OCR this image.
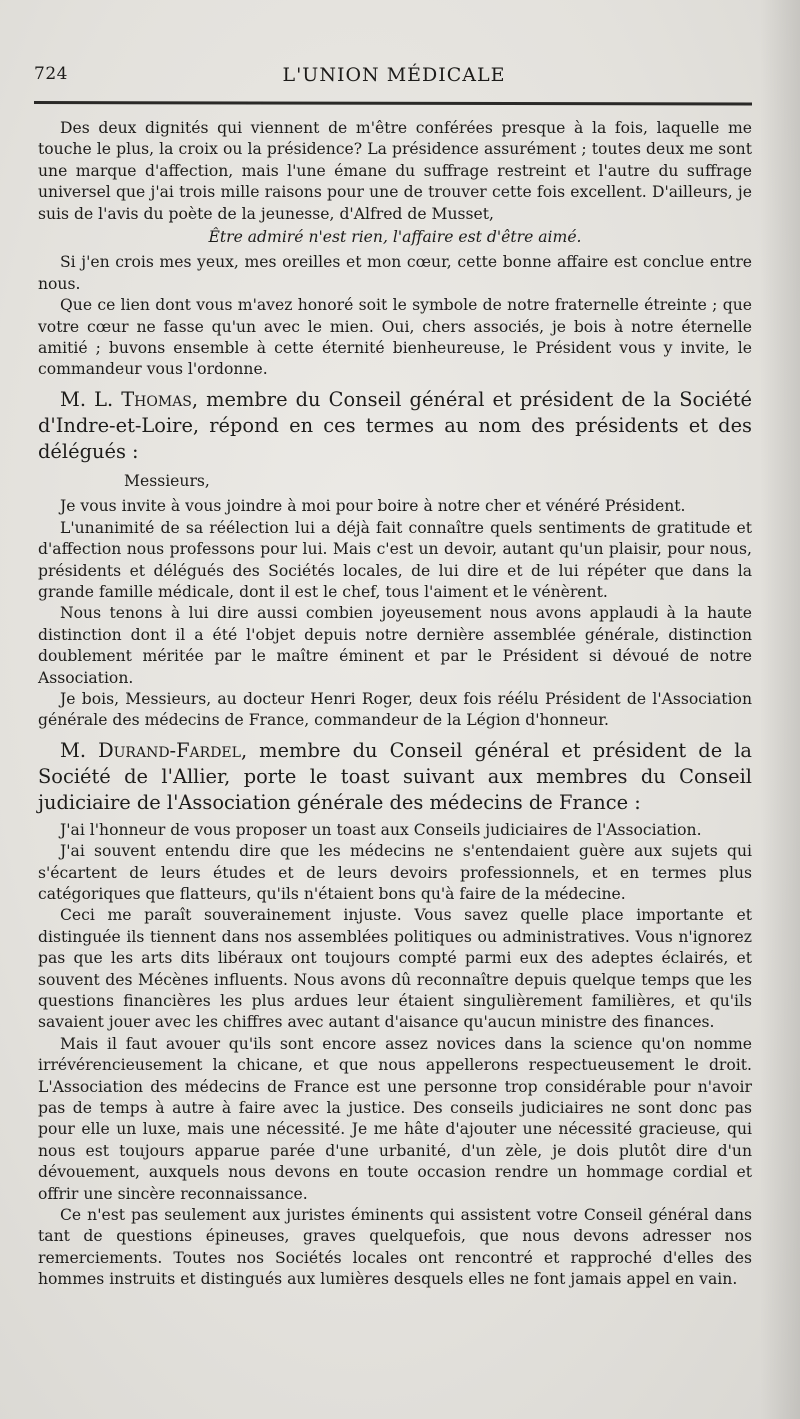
724	L'UNION MÉDICALE

Des deux dignités qui viennent de m'être conférées presque à la fois, laquelle me touche le plus, la croix ou la présidence? La présidence assurément ; toutes deux me sont une marque d'affection, mais l'une émane du suffrage restreint et l'autre du suffrage universel que j'ai trois mille raisons pour une de trouver cette fois excellent. D'ailleurs, je suis de l'avis du poète de la jeunesse, d'Alfred de Musset,

Être admiré n'est rien, l'affaire est d'être aimé.

Si j'en crois mes yeux, mes oreilles et mon cœur, cette bonne affaire est conclue entre nous.

Que ce lien dont vous m'avez honoré soit le symbole de notre fraternelle étreinte ; que votre cœur ne fasse qu'un avec le mien. Oui, chers associés, je bois à notre éternelle amitié ; buvons ensemble à cette éternité bienheureuse, le Président vous y invite, le commandeur vous l'ordonne.

M. L. Thomas, membre du Conseil général et président de la Société d'Indre-et-Loire, répond en ces termes au nom des présidents et des délégués :

Messieurs,

Je vous invite à vous joindre à moi pour boire à notre cher et vénéré Président.

L'unanimité de sa réélection lui a déjà fait connaître quels sentiments de gratitude et d'affection nous professons pour lui. Mais c'est un devoir, autant qu'un plaisir, pour nous, présidents et délégués des Sociétés locales, de lui dire et de lui répéter que dans la grande famille médicale, dont il est le chef, tous l'aiment et le vénèrent.

Nous tenons à lui dire aussi combien joyeusement nous avons applaudi à la haute distinction dont il a été l'objet depuis notre dernière assemblée générale, distinction doublement méritée par le maître éminent et par le Président si dévoué de notre Association.

Je bois, Messieurs, au docteur Henri Roger, deux fois réélu Président de l'Association générale des médecins de France, commandeur de la Légion d'honneur.

M. Durand-Fardel, membre du Conseil général et président de la Société de l'Allier, porte le toast suivant aux membres du Conseil judiciaire de l'Association générale des médecins de France :

J'ai l'honneur de vous proposer un toast aux Conseils judiciaires de l'Association.

J'ai souvent entendu dire que les médecins ne s'entendaient guère aux sujets qui s'écartent de leurs études et de leurs devoirs professionnels, et en termes plus catégoriques que flatteurs, qu'ils n'étaient bons qu'à faire de la médecine.

Ceci me paraît souverainement injuste. Vous savez quelle place importante et distinguée ils tiennent dans nos assemblées politiques ou administratives. Vous n'ignorez pas que les arts dits libéraux ont toujours compté parmi eux des adeptes éclairés, et souvent des Mécènes influents. Nous avons dû reconnaître depuis quelque temps que les questions financières les plus ardues leur étaient singulièrement familières, et qu'ils savaient jouer avec les chiffres avec autant d'aisance qu'aucun ministre des finances.

Mais il faut avouer qu'ils sont encore assez novices dans la science qu'on nomme irrévérencieusement la chicane, et que nous appellerons respectueusement le droit. L'Association des médecins de France est une personne trop considérable pour n'avoir pas de temps à autre à faire avec la justice. Des conseils judiciaires ne sont donc pas pour elle un luxe, mais une nécessité. Je me hâte d'ajouter une nécessité gracieuse, qui nous est toujours apparue parée d'une urbanité, d'un zèle, je dois plutôt dire d'un dévouement, auxquels nous devons en toute occasion rendre un hommage cordial et offrir une sincère reconnaissance.

Ce n'est pas seulement aux juristes éminents qui assistent votre Conseil général dans tant de questions épineuses, graves quelquefois, que nous devons adresser nos remerciements. Toutes nos Sociétés locales ont rencontré et rapproché d'elles des hommes instruits et distingués aux lumières desquels elles ne font jamais appel en vain.
